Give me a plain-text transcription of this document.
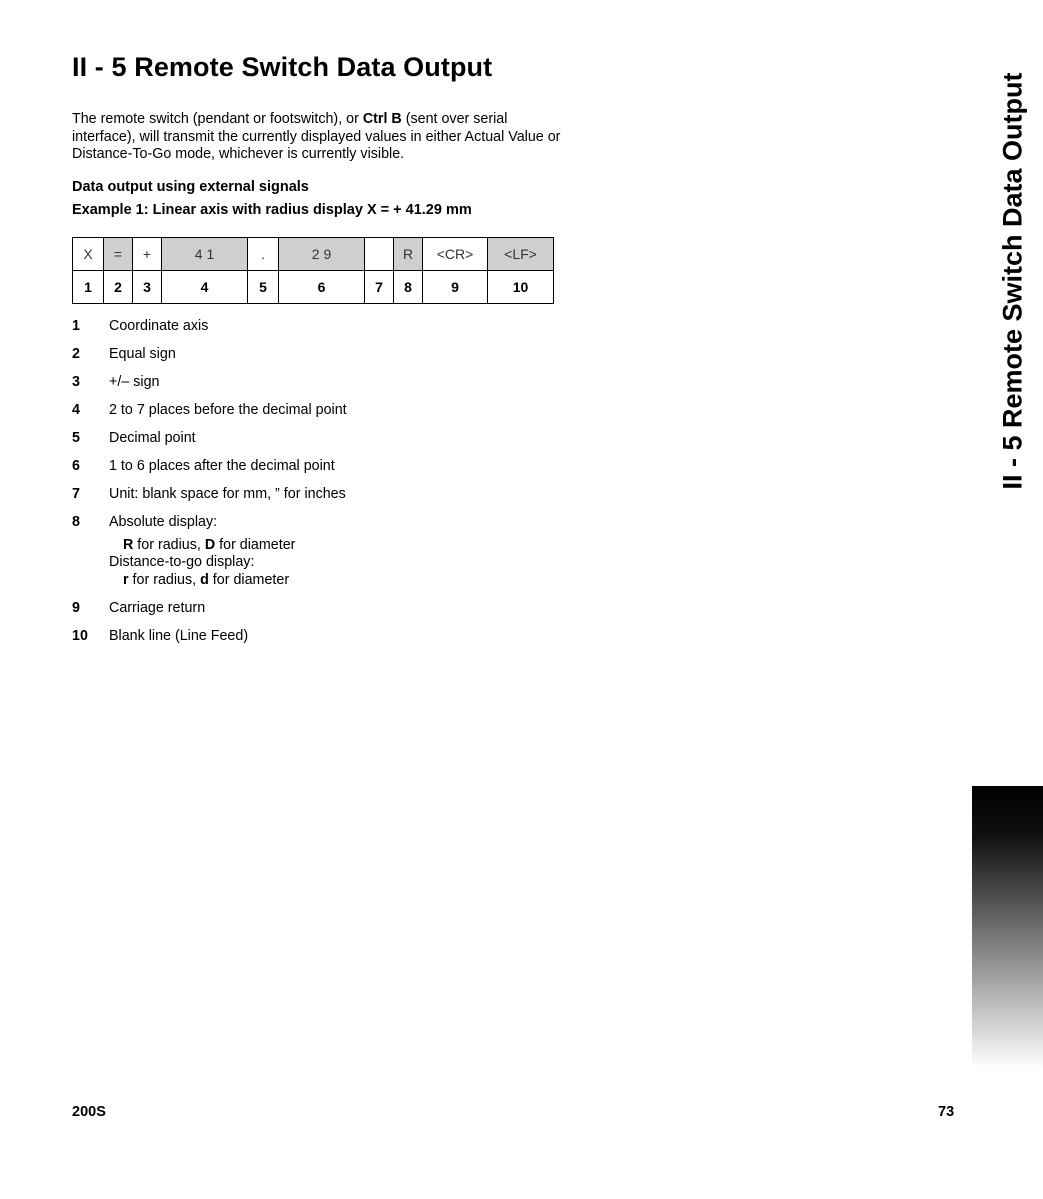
II - 5 Remote Switch Data Output

The remote switch (pendant or footswitch), or Ctrl B (sent over serial interface), will transmit the currently displayed values in either Actual Value or Distance-To-Go mode, whichever is currently visible.

Data output using external signals

Example 1: Linear axis with radius display X = + 41.29 mm

X	=	+	4 1	.	2 9		R	<CR>	<LF>
1	2	3	4	5	6	7	8	9	10
1 Coordinate axis
2 Equal sign
3 +/– sign
4 2 to 7 places before the decimal point
5 Decimal point
6 1 to 6 places after the decimal point
7 Unit: blank space for mm, ” for inches
8 Absolute display:
R for radius, D for diameter
Distance-to-go display:
r for radius, d for diameter
9 Carriage return
10 Blank line (Line Feed)
II - 5 Remote Switch Data Output
200S	73
